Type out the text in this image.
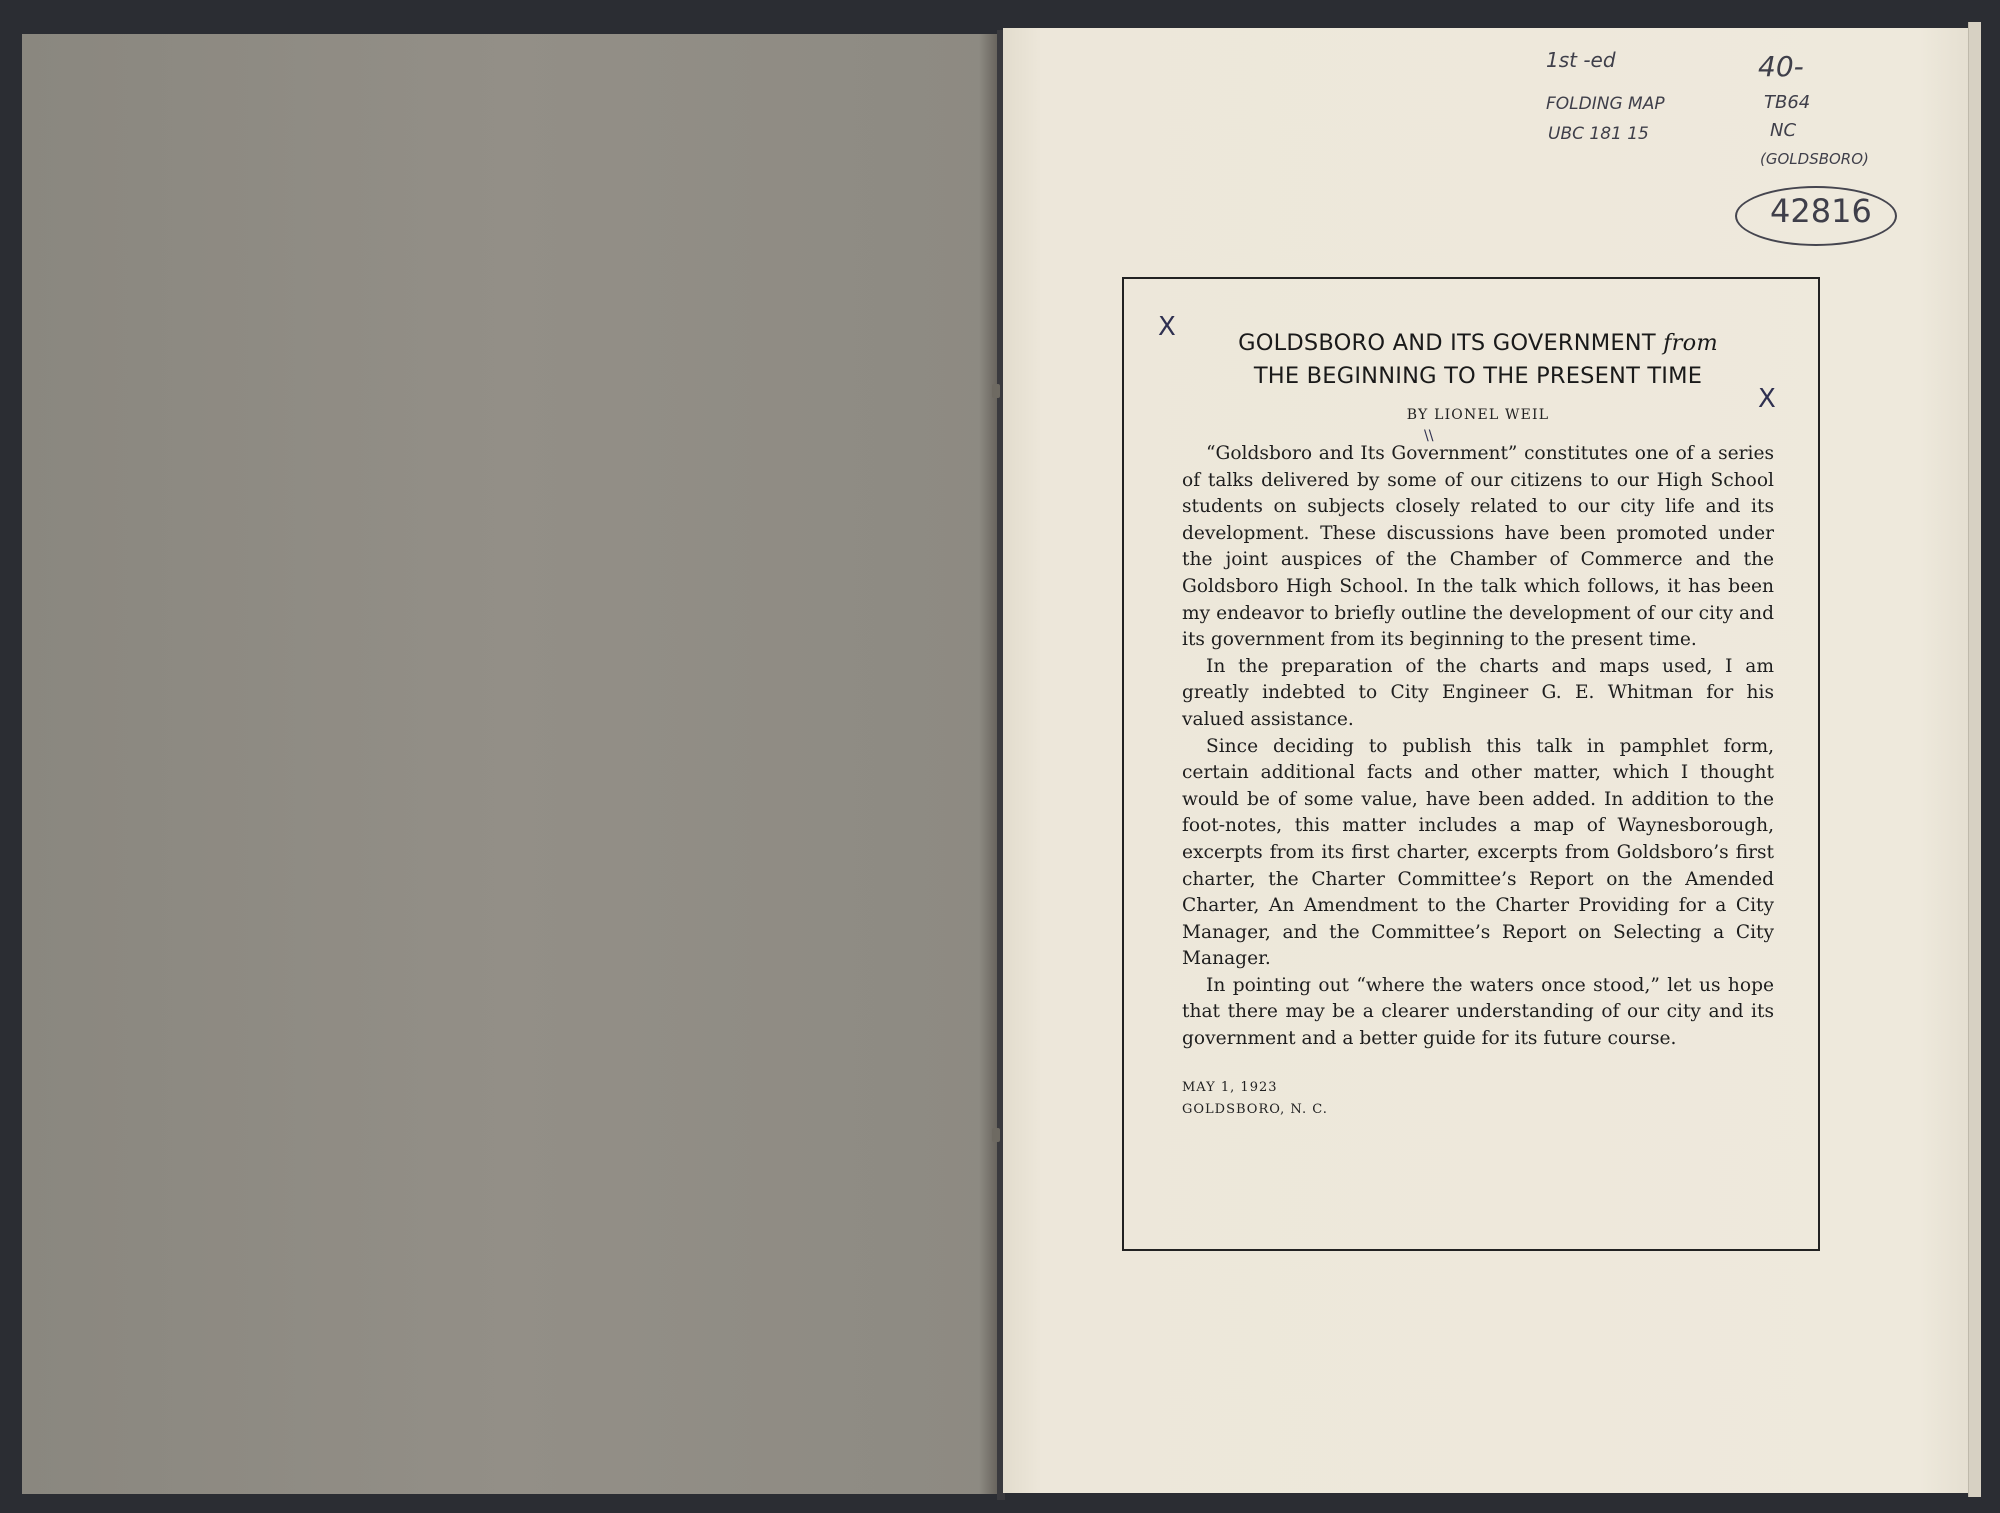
1st -ed
FOLDING MAP
UBC 181 15
40-
TB64
NC
(GOLDSBORO)
42816
X
X
\\
GOLDSBORO AND ITS GOVERNMENT from
THE BEGINNING TO THE PRESENT TIME
BY LIONEL WEIL

“Goldsboro and Its Government” constitutes one of a series of talks delivered by some of our citizens to our High School students on subjects closely related to our city life and its development. These discussions have been promoted under the joint auspices of the Chamber of Commerce and the Goldsboro High School. In the talk which follows, it has been my endeavor to briefly outline the development of our city and its government from its beginning to the present time.

In the preparation of the charts and maps used, I am greatly indebted to City Engineer G. E. Whitman for his valued assistance.

Since deciding to publish this talk in pamphlet form, certain additional facts and other matter, which I thought would be of some value, have been added. In addition to the foot-notes, this matter includes a map of Waynesborough, excerpts from its first charter, excerpts from Goldsboro’s first charter, the Charter Committee’s Report on the Amended Charter, An Amendment to the Charter Providing for a City Manager, and the Committee’s Report on Selecting a City Manager.

In pointing out “where the waters once stood,” let us hope that there may be a clearer understanding of our city and its government and a better guide for its future course.

MAY 1, 1923
GOLDSBORO, N. C.
